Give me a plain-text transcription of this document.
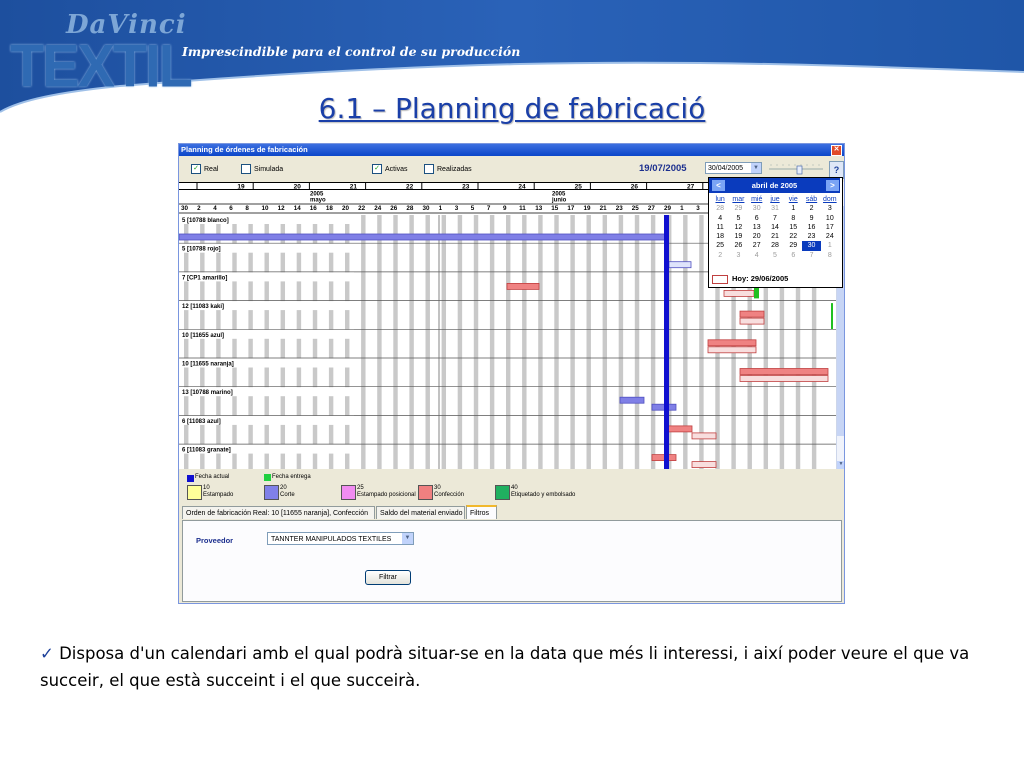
DaVinci
TEXTIL
Imprescindible para el control de su producción
6.1 – Planning de fabricació
Planning de órdenes de fabricación	✕
✓ Real	Simulada	✓ Activas	Realizadas	19/07/2005	30/04/2005	▼	?
19	20	21	22	23	24	25	26	27
2005
mayo
2005
junio
30 2 4 6 8 10 12 14 16 18 20 22 24 26 28 30 1 3 5 7 9 11 13 15 17 19 21 23 25 27 29 1 3
5 [10788 blanco]
5 [10788 rojo]
7 [CP1 amarillo]
12 [11083 kaki]
10 [11655 azul]
10 [11655 naranja]
13 [10788 marino]
6 [11083 azul]
6 [11083 granate]
▼
abril de 2005
<	>
lun	mar mié	jue	vie	sáb dom
28	29	30	31	1	2	3
4	5	6	7	8	9	10
11	12	13	14	15	16	17
18	19	20	21	22	23	24
25	26	27	28	29	30	1
2	3	4	5	6	7	8
Hoy: 29/06/2005
Fecha actual	Fecha entrega
10
Estampado
20
Corte
25
Estampado posicional
30
Confección
40
Etiquetado y embolsado
Orden de fabricación Real: 10 [11655 naranja], Confección	Saldo del material enviado	Filtros
Proveedor	TANNTER MANIPULADOS TEXTILES	▼
Filtrar
✓ Disposa d'un calendari amb el qual podrà situar-se en la data que més li interessi, i així poder veure el que va succeir, el que està succeint i el que succeirà.
